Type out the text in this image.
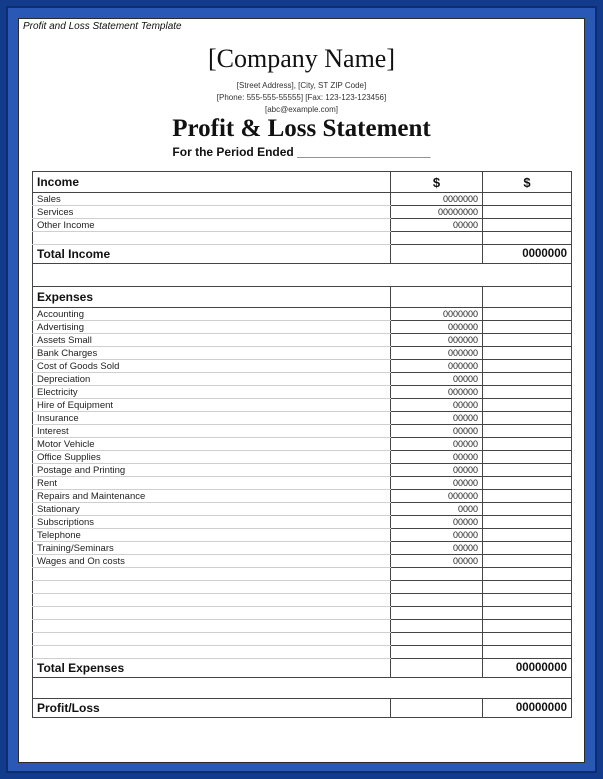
Profit and Loss Statement Template
[Company Name]
[Street Address], [City, ST ZIP Code]
[Phone: 555-555-55555] [Fax: 123-123-123456]
[abc@example.com]
Profit & Loss Statement
For the Period Ended ____________________
Income	$	$
Sales	0000000	
Services	00000000	
Other Income	00000	

Total Income		0000000

Expenses		
Accounting	0000000	
Advertising	000000	
Assets Small	000000	
Bank Charges	000000	
Cost of Goods Sold	000000	
Depreciation	00000	
Electricity	000000	
Hire of Equipment	00000	
Insurance	00000	
Interest	00000	
Motor Vehicle	00000	
Office Supplies	00000	
Postage and Printing	00000	
Rent	00000	
Repairs and Maintenance	000000	
Stationary	0000	
Subscriptions	00000	
Telephone	00000	
Training/Seminars	00000	
Wages and On costs	00000	

Total Expenses		00000000

Profit/Loss		00000000
